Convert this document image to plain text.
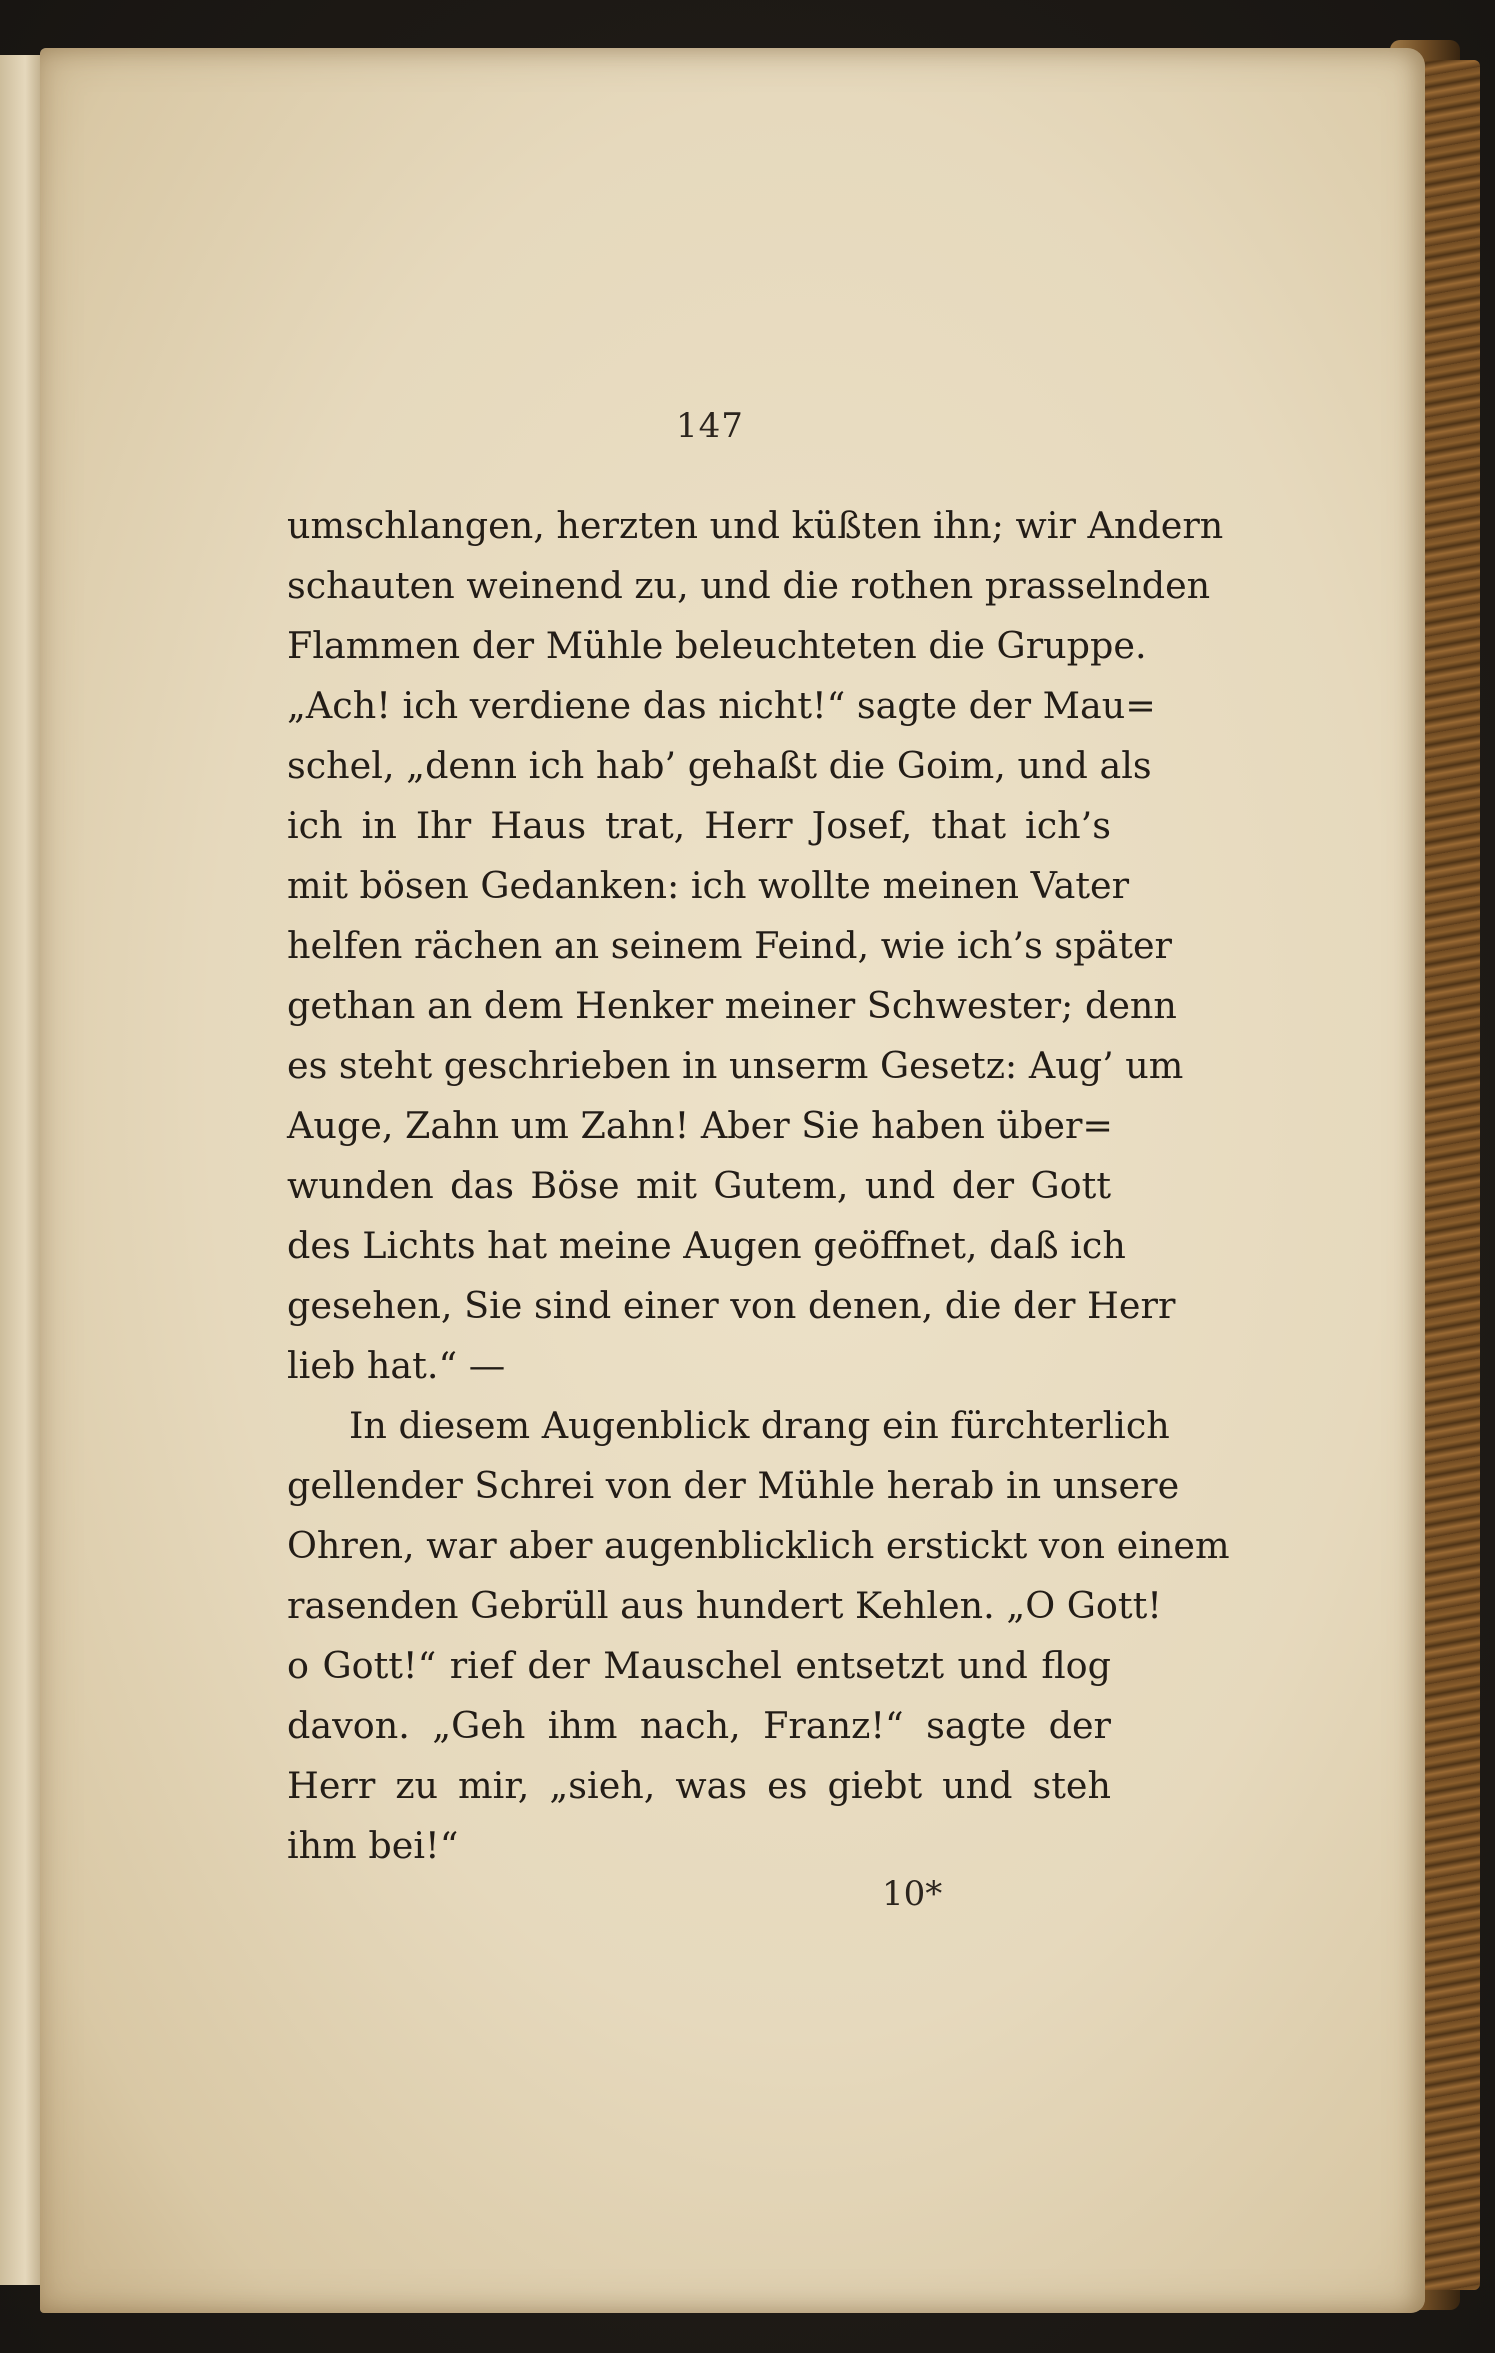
147
umschlangen, herzten und küßten ihn; wir Andern
schauten weinend zu, und die rothen prasselnden
Flammen der Mühle beleuchteten die Gruppe.
„Ach! ich verdiene das nicht!“ sagte der Mau=
schel, „denn ich hab’ gehaßt die Goim, und als
ich in Ihr Haus trat, Herr Josef, that ich’s
mit bösen Gedanken: ich wollte meinen Vater
helfen rächen an seinem Feind, wie ich’s später
gethan an dem Henker meiner Schwester; denn
es steht geschrieben in unserm Gesetz: Aug’ um
Auge, Zahn um Zahn! Aber Sie haben über=
wunden das Böse mit Gutem, und der Gott
des Lichts hat meine Augen geöffnet, daß ich
gesehen, Sie sind einer von denen, die der Herr
lieb hat.“ —
In diesem Augenblick drang ein fürchterlich
gellender Schrei von der Mühle herab in unsere
Ohren, war aber augenblicklich erstickt von einem
rasenden Gebrüll aus hundert Kehlen. „O Gott!
o Gott!“ rief der Mauschel entsetzt und flog
davon. „Geh ihm nach, Franz!“ sagte der
Herr zu mir, „sieh, was es giebt und steh
ihm bei!“
10*
